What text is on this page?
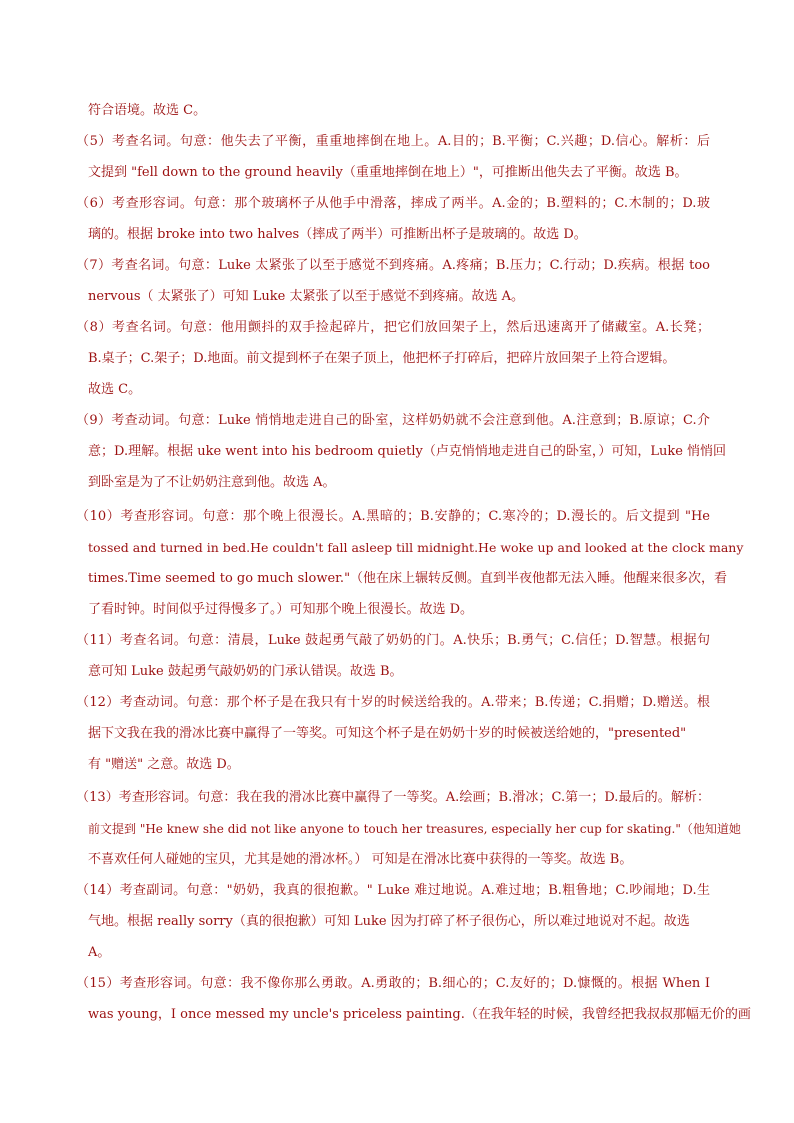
符合语境。故选 C。
（5）考查名词。句意：他失去了平衡，重重地摔倒在地上。A.目的；B.平衡；C.兴趣；D.信心。解析：后
文提到 "fell down to the ground heavily（重重地摔倒在地上）"，可推断出他失去了平衡。故选 B。
（6）考查形容词。句意：那个玻璃杯子从他手中滑落，摔成了两半。A.金的；B.塑料的；C.木制的；D.玻
璃的。根据 broke into two halves（摔成了两半）可推断出杯子是玻璃的。故选 D。
（7）考查名词。句意：Luke 太紧张了以至于感觉不到疼痛。A.疼痛；B.压力；C.行动；D.疾病。根据 too
nervous（ 太紧张了）可知 Luke 太紧张了以至于感觉不到疼痛。故选 A。
（8）考查名词。句意：他用颤抖的双手捡起碎片，把它们放回架子上，然后迅速离开了储藏室。A.长凳；
B.桌子；C.架子；D.地面。前文提到杯子在架子顶上，他把杯子打碎后，把碎片放回架子上符合逻辑。
故选 C。
（9）考查动词。句意：Luke 悄悄地走进自己的卧室，这样奶奶就不会注意到他。A.注意到；B.原谅；C.介
意；D.理解。根据 uke went into his bedroom quietly（卢克悄悄地走进自己的卧室，）可知，Luke 悄悄回
到卧室是为了不让奶奶注意到他。故选 A。
（10）考查形容词。句意：那个晚上很漫长。A.黑暗的；B.安静的；C.寒冷的；D.漫长的。后文提到 "He
tossed and turned in bed.He couldn't fall asleep till midnight.He woke up and looked at the clock many
times.Time seemed to go much slower."（他在床上辗转反侧。直到半夜他都无法入睡。他醒来很多次，看
了看时钟。时间似乎过得慢多了。）可知那个晚上很漫长。故选 D。
（11）考查名词。句意：清晨，Luke 鼓起勇气敲了奶奶的门。A.快乐；B.勇气；C.信任；D.智慧。根据句
意可知 Luke 鼓起勇气敲奶奶的门承认错误。故选 B。
（12）考查动词。句意：那个杯子是在我只有十岁的时候送给我的。A.带来；B.传递；C.捐赠；D.赠送。根
据下文我在我的滑冰比赛中赢得了一等奖。可知这个杯子是在奶奶十岁的时候被送给她的，"presented"
有 "赠送" 之意。故选 D。
（13）考查形容词。句意：我在我的滑冰比赛中赢得了一等奖。A.绘画；B.滑冰；C.第一；D.最后的。解析：
前文提到 "He knew she did not like anyone to touch her treasures, especially her cup for skating."（他知道她
不喜欢任何人碰她的宝贝，尤其是她的滑冰杯。） 可知是在滑冰比赛中获得的一等奖。故选 B。
（14）考查副词。句意："奶奶，我真的很抱歉。" Luke 难过地说。A.难过地；B.粗鲁地；C.吵闹地；D.生
气地。根据 really sorry（真的很抱歉）可知 Luke 因为打碎了杯子很伤心，所以难过地说对不起。故选
A。
（15）考查形容词。句意：我不像你那么勇敢。A.勇敢的；B.细心的；C.友好的；D.慷慨的。根据 When I
was young，I once messed my uncle's priceless painting.（在我年轻的时候，我曾经把我叔叔那幅无价的画
